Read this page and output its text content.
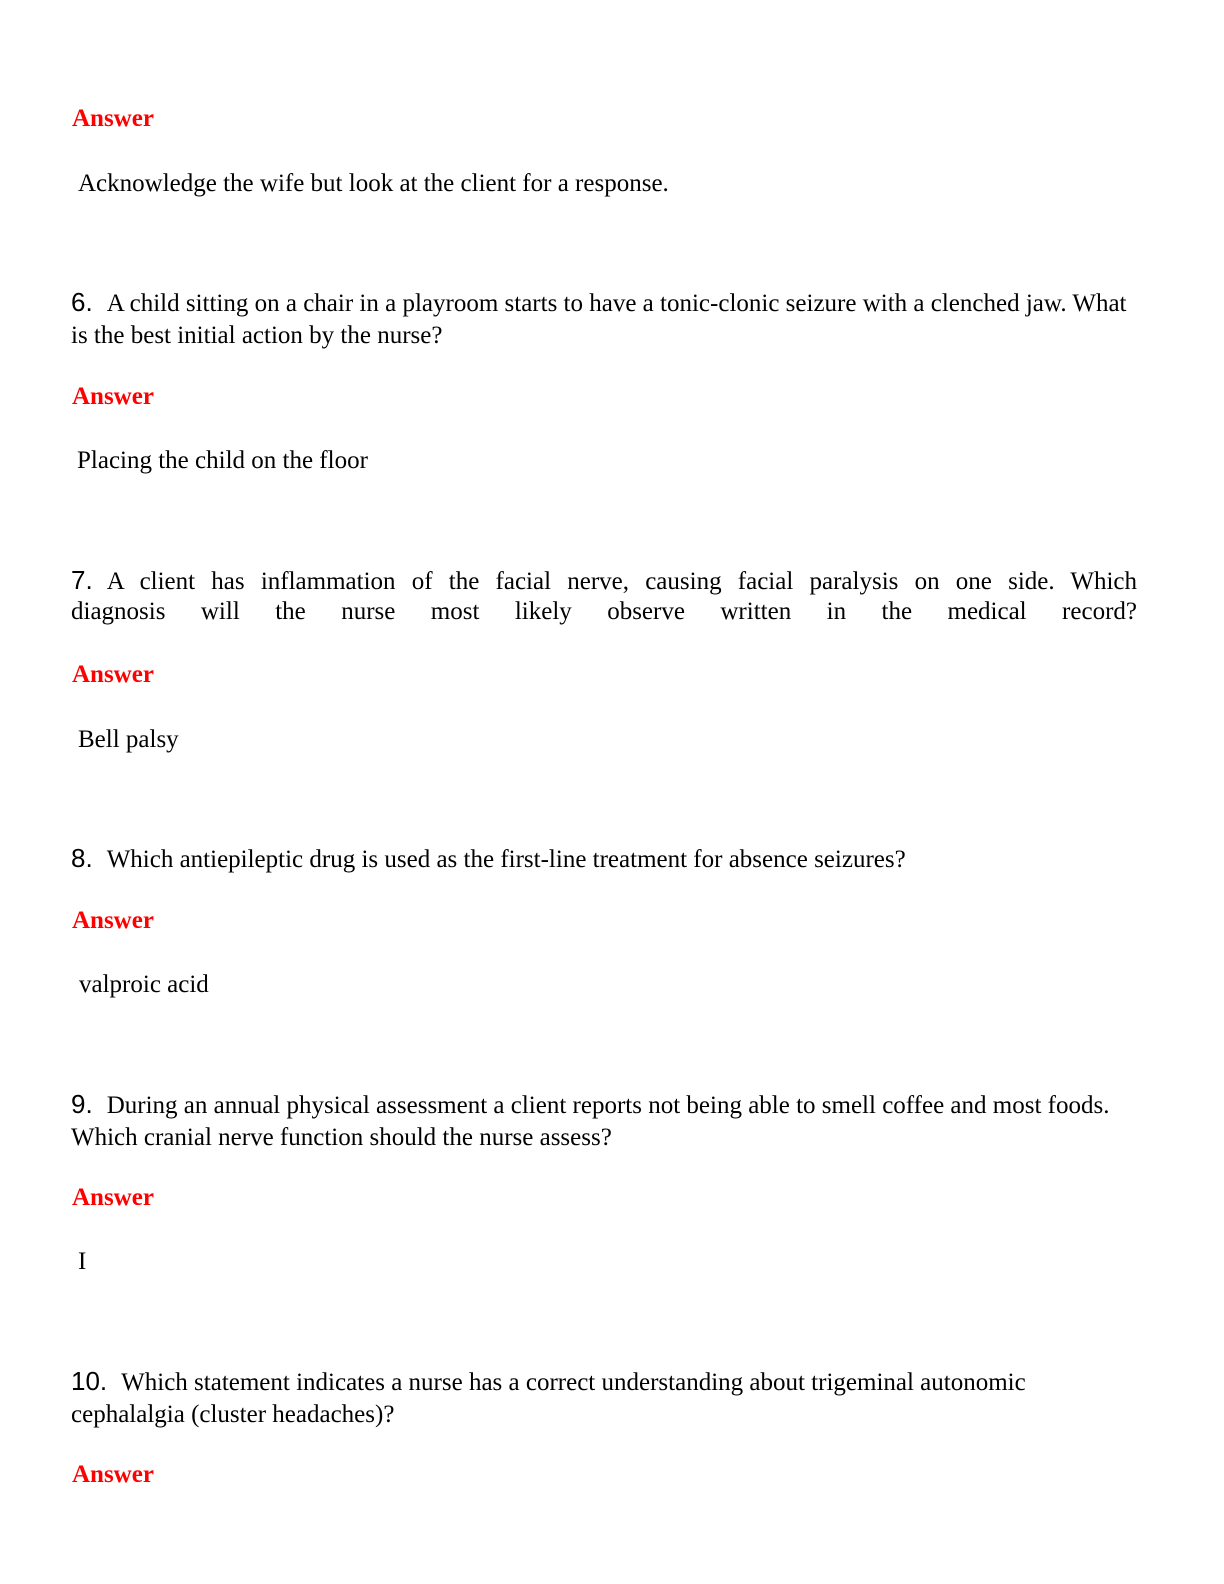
Answer
Acknowledge the wife but look at the client for a response.
6. A child sitting on a chair in a playroom starts to have a tonic-clonic seizure with a clenched jaw. What is the best initial action by the nurse?
Answer
Placing the child on the floor
7. A client has inflammation of the facial nerve, causing facial paralysis on one side. Which
diagnosis will the nurse most likely observe written in the medical record?
Answer
Bell palsy
8. Which antiepileptic drug is used as the first-line treatment for absence seizures?
Answer
valproic acid
9. During an annual physical assessment a client reports not being able to smell coffee and most foods. Which cranial nerve function should the nurse assess?
Answer
I
10. Which statement indicates a nurse has a correct understanding about trigeminal autonomic cephalalgia (cluster headaches)?
Answer
